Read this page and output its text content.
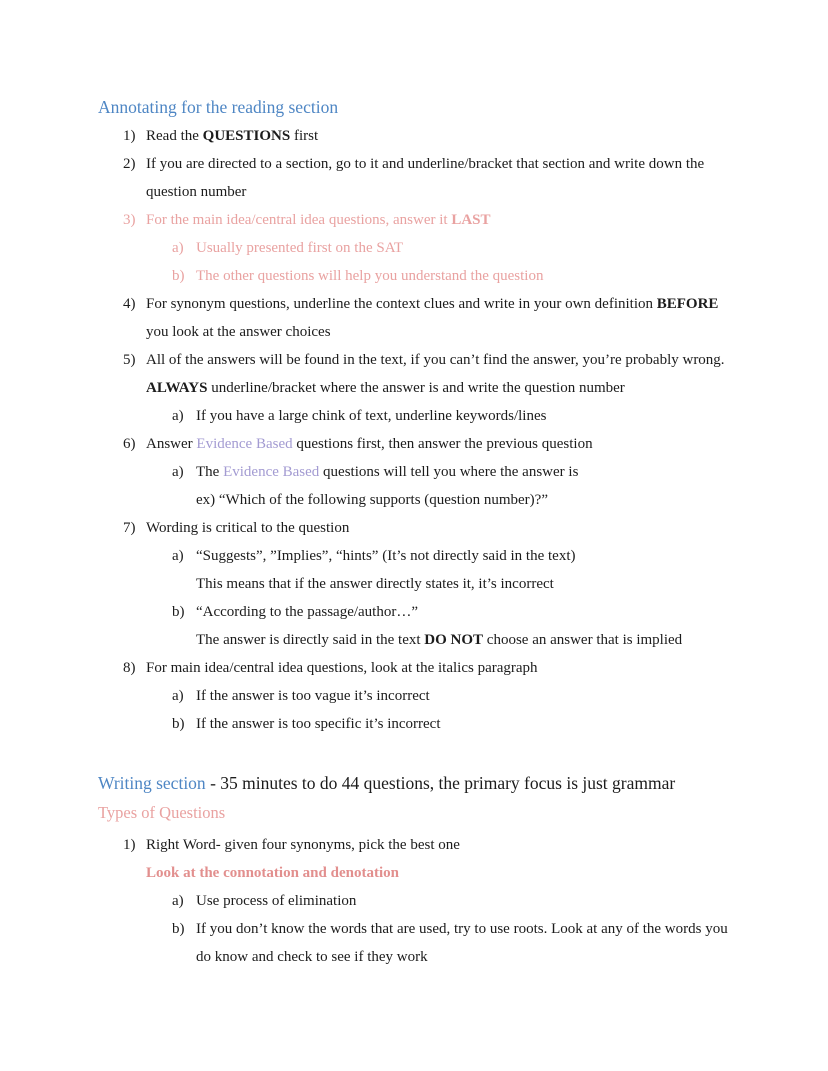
Annotating for the reading section
1) Read the QUESTIONS first
2) If you are directed to a section, go to it and underline/bracket that section and write down the question number
3) For the main idea/central idea questions, answer it LAST
a) Usually presented first on the SAT
b) The other questions will help you understand the question
4) For synonym questions, underline the context clues and write in your own definition BEFORE you look at the answer choices
5) All of the answers will be found in the text, if you can’t find the answer, you’re probably wrong. ALWAYS underline/bracket where the answer is and write the question number
a) If you have a large chink of text, underline keywords/lines
6) Answer Evidence Based questions first, then answer the previous question
a) The Evidence Based questions will tell you where the answer is
ex) “Which of the following supports (question number)?”
7) Wording is critical to the question
a) “Suggests”, ”Implies”, “hints” (It’s not directly said in the text)
This means that if the answer directly states it, it’s incorrect
b) “According to the passage/author…”
The answer is directly said in the text DO NOT choose an answer that is implied
8) For main idea/central idea questions, look at the italics paragraph
a) If the answer is too vague it’s incorrect
b) If the answer is too specific it’s incorrect
Writing section - 35 minutes to do 44 questions, the primary focus is just grammar
Types of Questions
1) Right Word- given four synonyms, pick the best one
Look at the connotation and denotation
a) Use process of elimination
b) If you don’t know the words that are used, try to use roots. Look at any of the words you do know and check to see if they work
